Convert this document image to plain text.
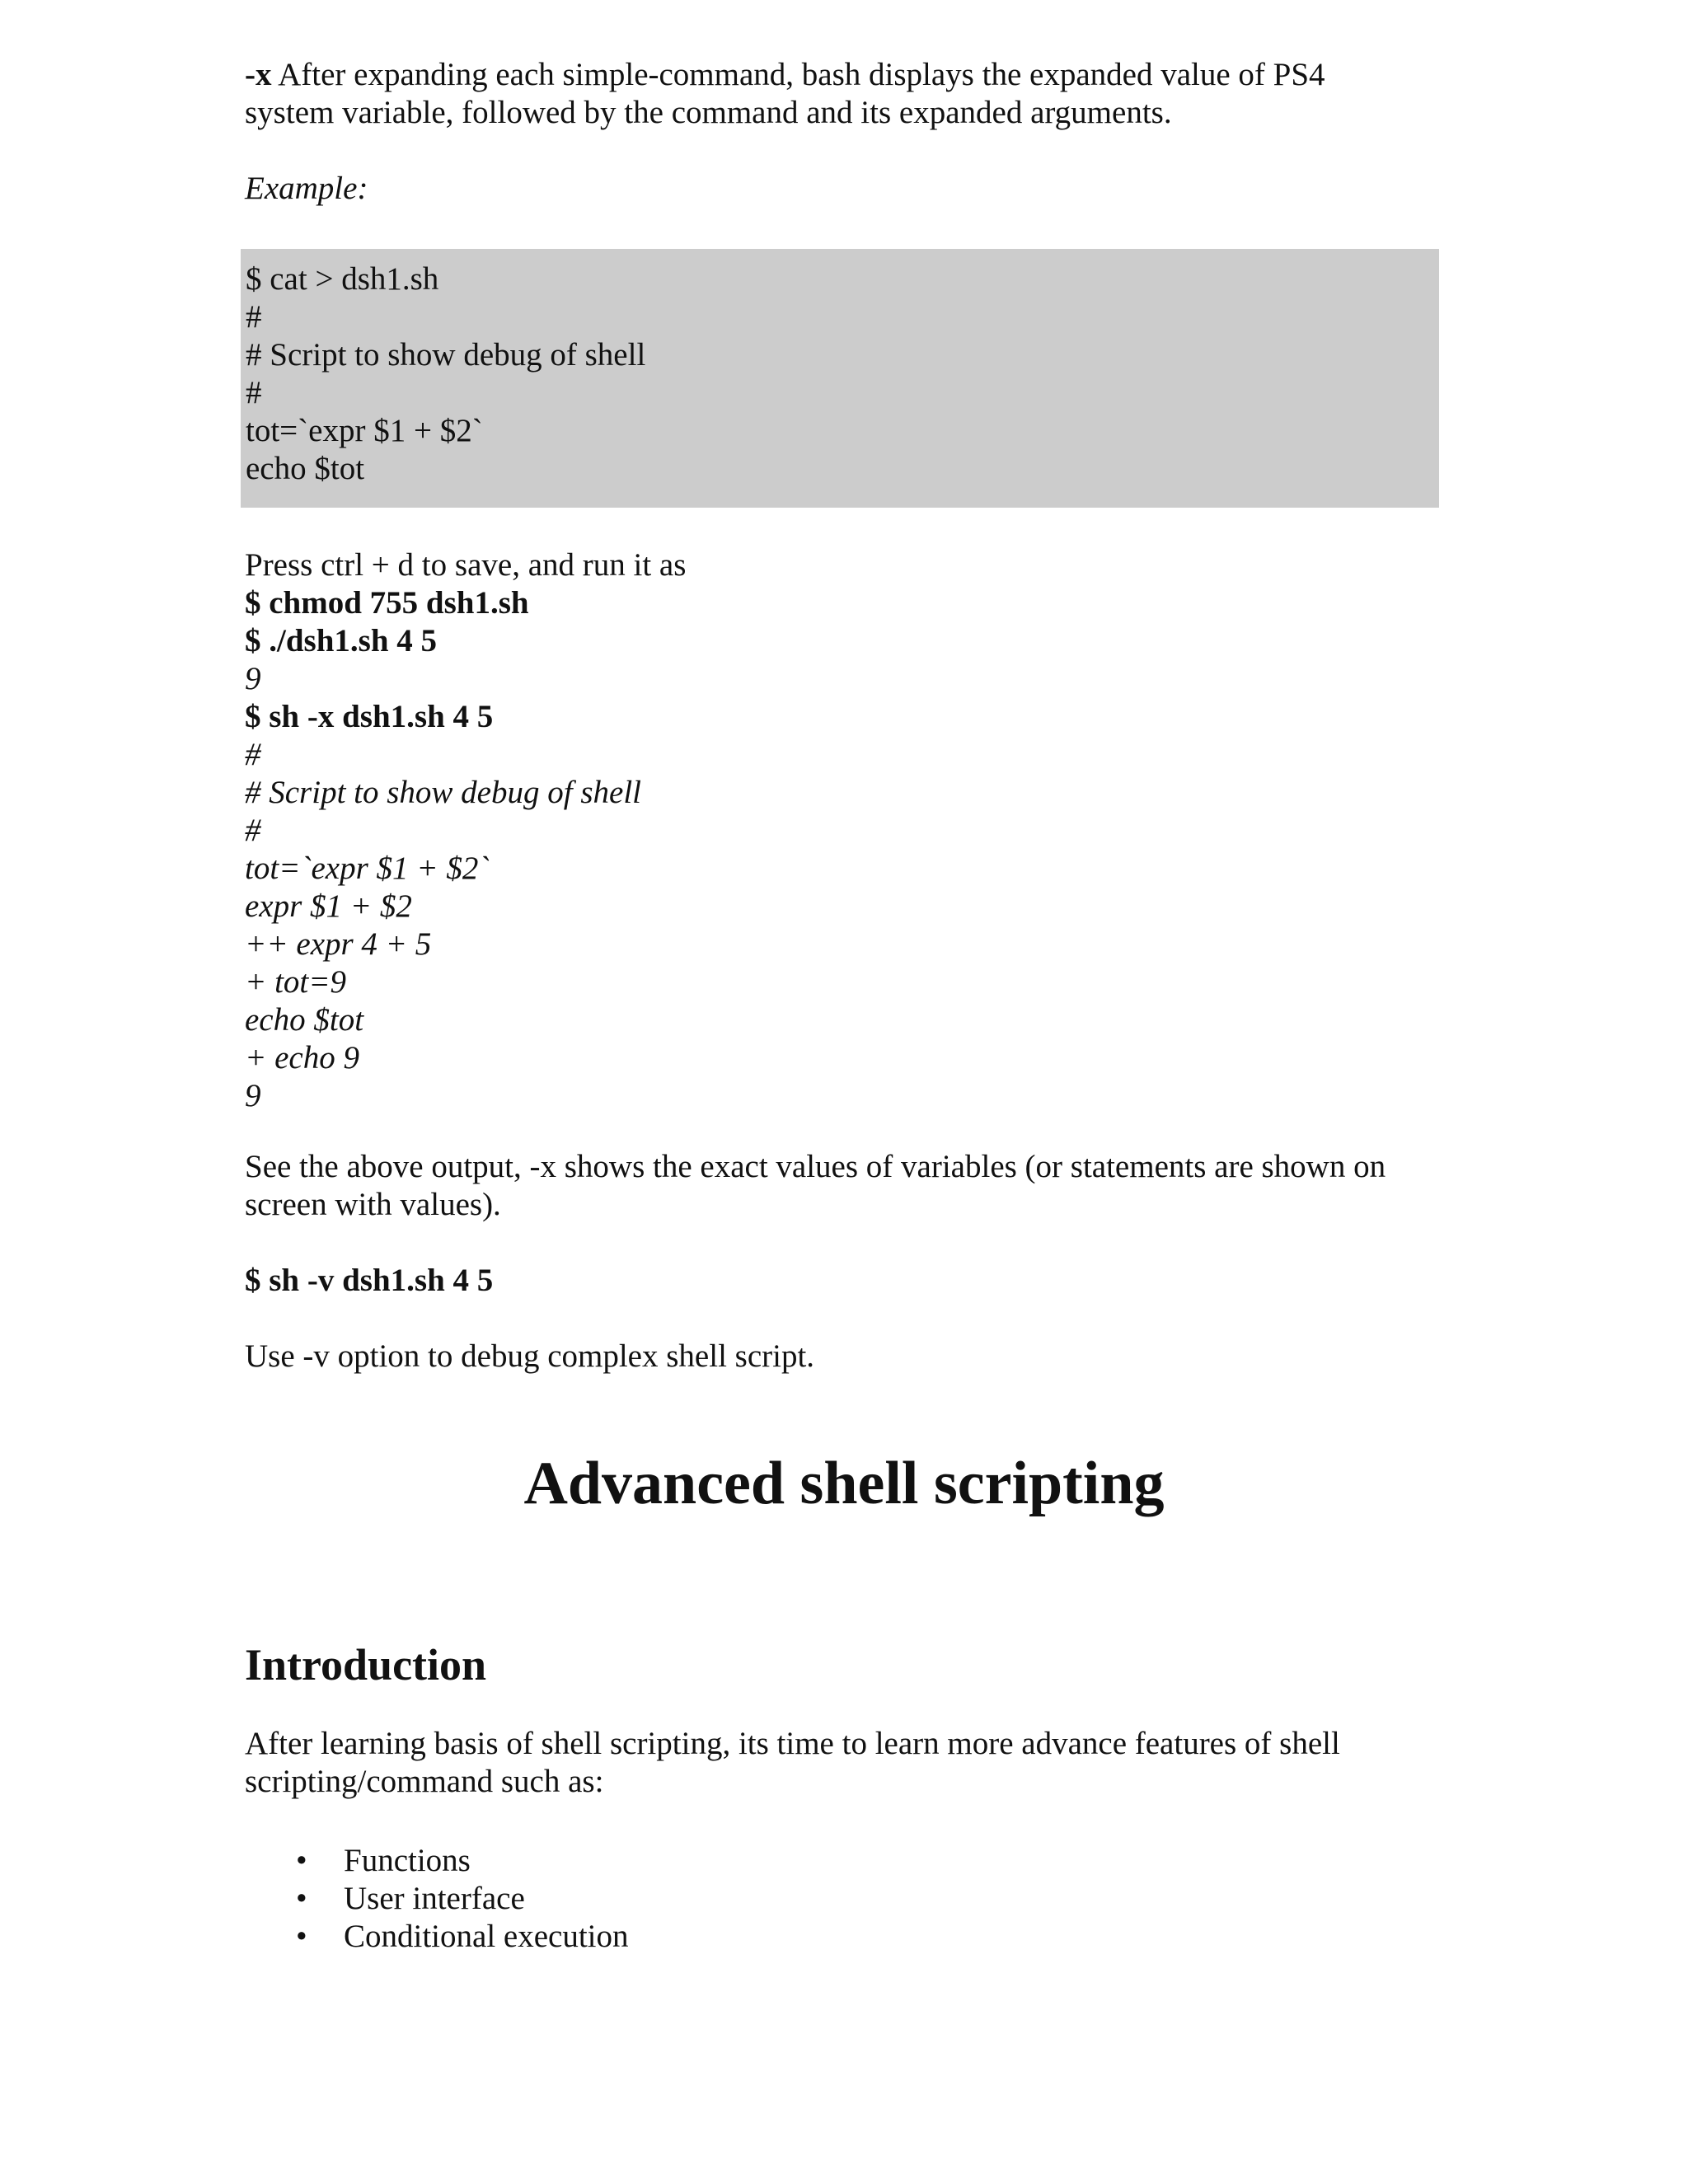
-x After expanding each simple-command, bash displays the expanded value of PS4
system variable, followed by the command and its expanded arguments.

Example:

$ cat > dsh1.sh
#
# Script to show debug of shell
#
tot=`expr $1 + $2`
echo $tot
Press ctrl + d to save, and run it as
$ chmod 755 dsh1.sh
$ ./dsh1.sh 4 5
9
$ sh -x dsh1.sh 4 5
#
# Script to show debug of shell
#
tot=`expr $1 + $2`
expr $1 + $2
++ expr 4 + 5
+ tot=9
echo $tot
+ echo 9
9

See the above output, -x shows the exact values of variables (or statements are shown on
screen with values).

$ sh -v dsh1.sh 4 5

Use -v option to debug complex shell script.

Advanced shell scripting
Introduction

After learning basis of shell scripting, its time to learn more advance features of shell
scripting/command such as:

• Functions
• User interface
• Conditional execution
